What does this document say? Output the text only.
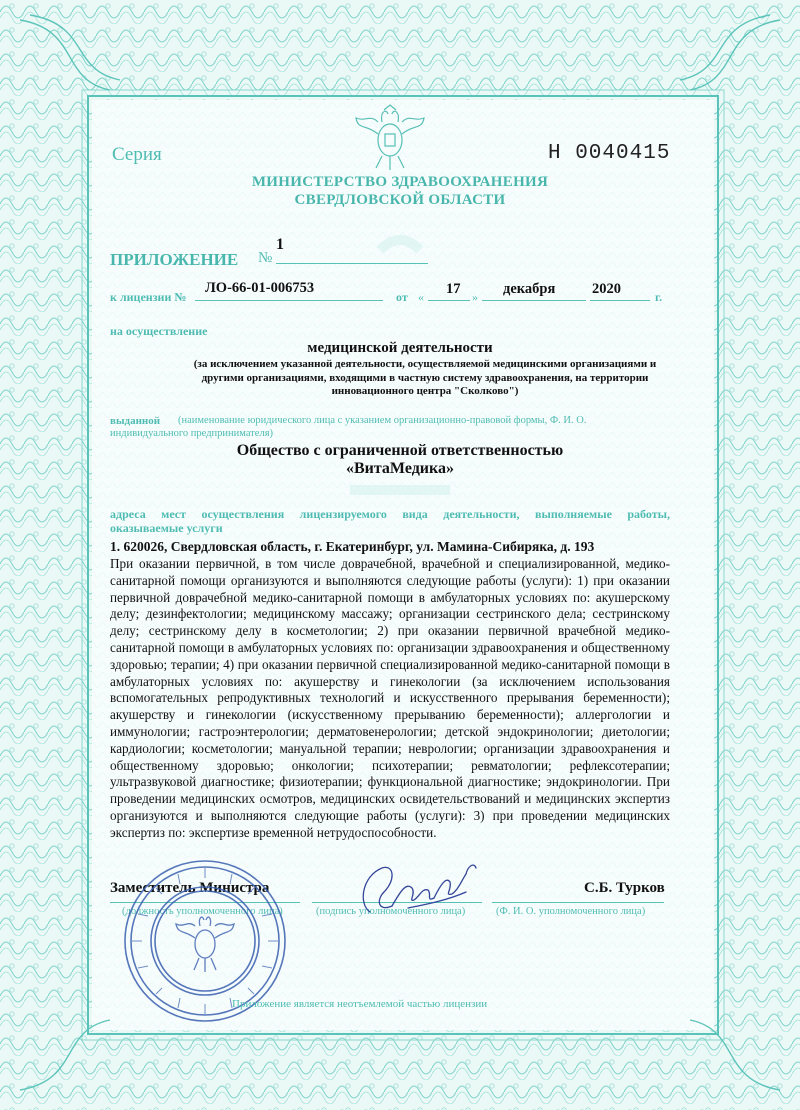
Серия	Н 0040415
МИНИСТЕРСТВО ЗДРАВООХРАНЕНИЯ
СВЕРДЛОВСКОЙ ОБЛАСТИ
ПРИЛОЖЕНИЕ №
1
к лицензии №
ЛО-66-01-006753
от « 17 » декабря	2020	г.
на осуществление
медицинской деятельности
(за исключением указанной деятельности, осуществляемой медицинскими организациями и другими организациями, входящими в частную систему здравоохранения, на территории инновационного центра "Сколково")
выданной (наименование юридического лица с указанием организационно-правовой формы, Ф. И. О.
индивидуального предпринимателя)
Общество с ограниченной ответственностью
«ВитаМедика»
адреса мест осуществления лицензируемого вида деятельности, выполняемые работы,
оказываемые услуги
1. 620026, Свердловская область, г. Екатеринбург, ул. Мамина-Сибиряка, д. 193
При оказании первичной, в том числе доврачебной, врачебной и специализированной, медико-санитарной помощи организуются и выполняются следующие работы (услуги): 1) при оказании первичной доврачебной медико-санитарной помощи в амбулаторных условиях по: акушерскому делу; дезинфектологии; медицинскому массажу; организации сестринского дела; сестринскому делу; сестринскому делу в косметологии; 2) при оказании первичной врачебной медико-санитарной помощи в амбулаторных условиях по: организации здравоохранения и общественному здоровью; терапии; 4) при оказании первичной специализированной медико-санитарной помощи в амбулаторных условиях по: акушерству и гинекологии (за исключением использования вспомогательных репродуктивных технологий и искусственного прерывания беременности); акушерству и гинекологии (искусственному прерыванию беременности); аллергологии и иммунологии; гастроэнтерологии; дерматовенерологии; детской эндокринологии; диетологии; кардиологии; косметологии; мануальной терапии; неврологии; организации здравоохранения и общественному здоровью; онкологии; психотерапии; ревматологии; рефлексотерапии; ультразвуковой диагностике; физиотерапии; функциональной диагностике; эндокринологии. При проведении медицинских осмотров, медицинских освидетельствований и медицинских экспертиз организуются и выполняются следующие работы (услуги): 3) при проведении медицинских экспертиз по: экспертизе временной нетрудоспособности.
Заместитель Министра	С.Б. Турков
(должность уполномоченного лица)	(подпись уполномоченного лица)	(Ф. И. О. уполномоченного лица)
Приложение является неотъемлемой частью лицензии
